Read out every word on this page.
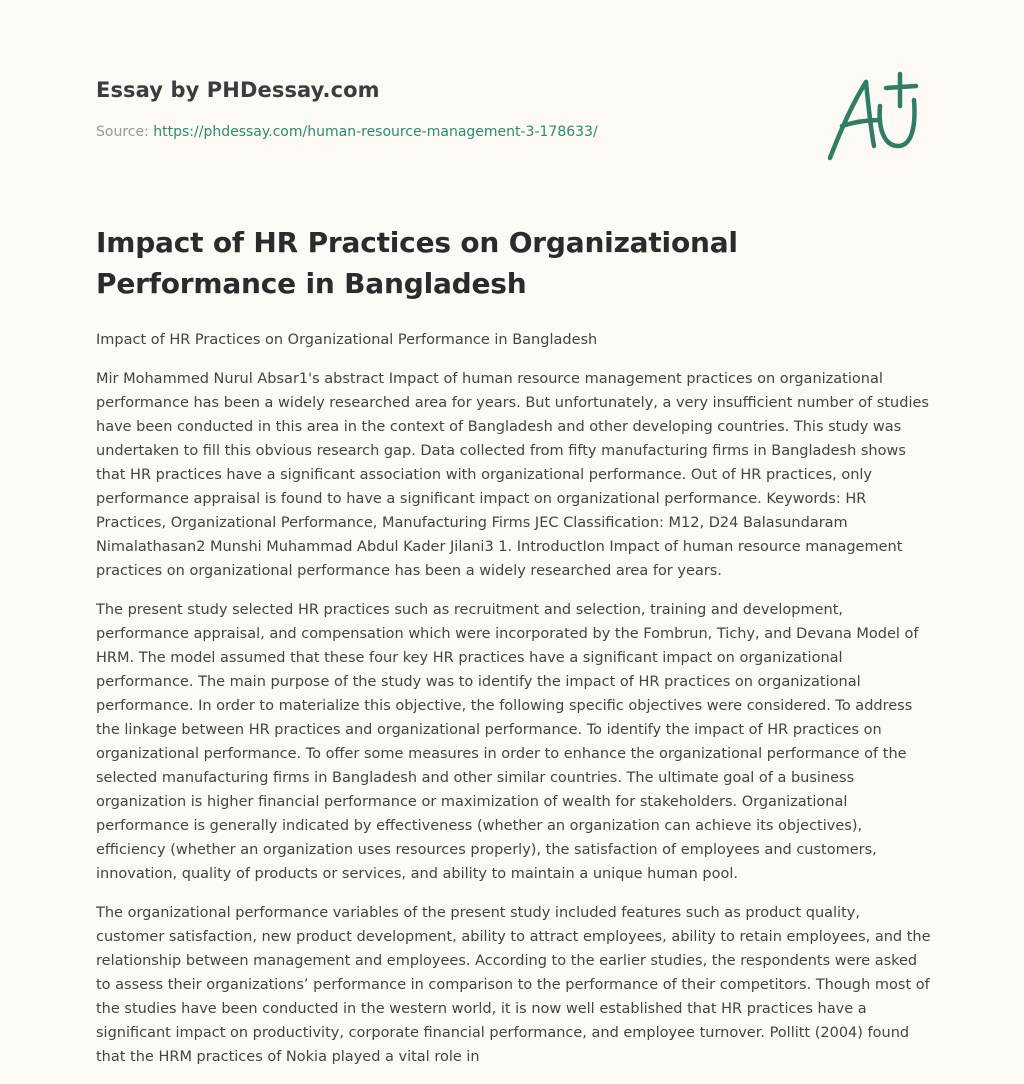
Essay by PHDessay.com

Source: https://phdessay.com/human-resource-management-3-178633/
Impact of HR Practices on Organizational Performance in Bangladesh
Impact of HR Practices on Organizational Performance in Bangladesh

Mir Mohammed Nurul Absar1's abstract Impact of human resource management practices on organizational performance has been a widely researched area for years. But unfortunately, a very insufficient number of studies have been conducted in this area in the context of Bangladesh and other developing countries. This study was undertaken to fill this obvious research gap. Data collected from fifty manufacturing firms in Bangladesh shows that HR practices have a significant association with organizational performance. Out of HR practices, only performance appraisal is found to have a significant impact on organizational performance. Keywords: HR Practices, Organizational Performance, Manufacturing Firms JEC Classification: M12, D24 Balasundaram Nimalathasan2 Munshi Muhammad Abdul Kader Jilani3 1. IntroductIon Impact of human resource management practices on organizational performance has been a widely researched area for years.

The present study selected HR practices such as recruitment and selection, training and development, performance appraisal, and compensation which were incorporated by the Fombrun, Tichy, and Devana Model of HRM. The model assumed that these four key HR practices have a significant impact on organizational performance. The main purpose of the study was to identify the impact of HR practices on organizational performance. In order to materialize this objective, the following specific objectives were considered. To address the linkage between HR practices and organizational performance. To identify the impact of HR practices on organizational performance. To offer some measures in order to enhance the organizational performance of the selected manufacturing firms in Bangladesh and other similar countries. The ultimate goal of a business organization is higher financial performance or maximization of wealth for stakeholders. Organizational performance is generally indicated by effectiveness (whether an organization can achieve its objectives), efficiency (whether an organization uses resources properly), the satisfaction of employees and customers, innovation, quality of products or services, and ability to maintain a unique human pool.

The organizational performance variables of the present study included features such as product quality, customer satisfaction, new product development, ability to attract employees, ability to retain employees, and the relationship between management and employees. According to the earlier studies, the respondents were asked to assess their organizations’ performance in comparison to the performance of their competitors. Though most of the studies have been conducted in the western world, it is now well established that HR practices have a significant impact on productivity, corporate financial performance, and employee turnover. Pollitt (2004) found that the HRM practices of Nokia played a vital role in
